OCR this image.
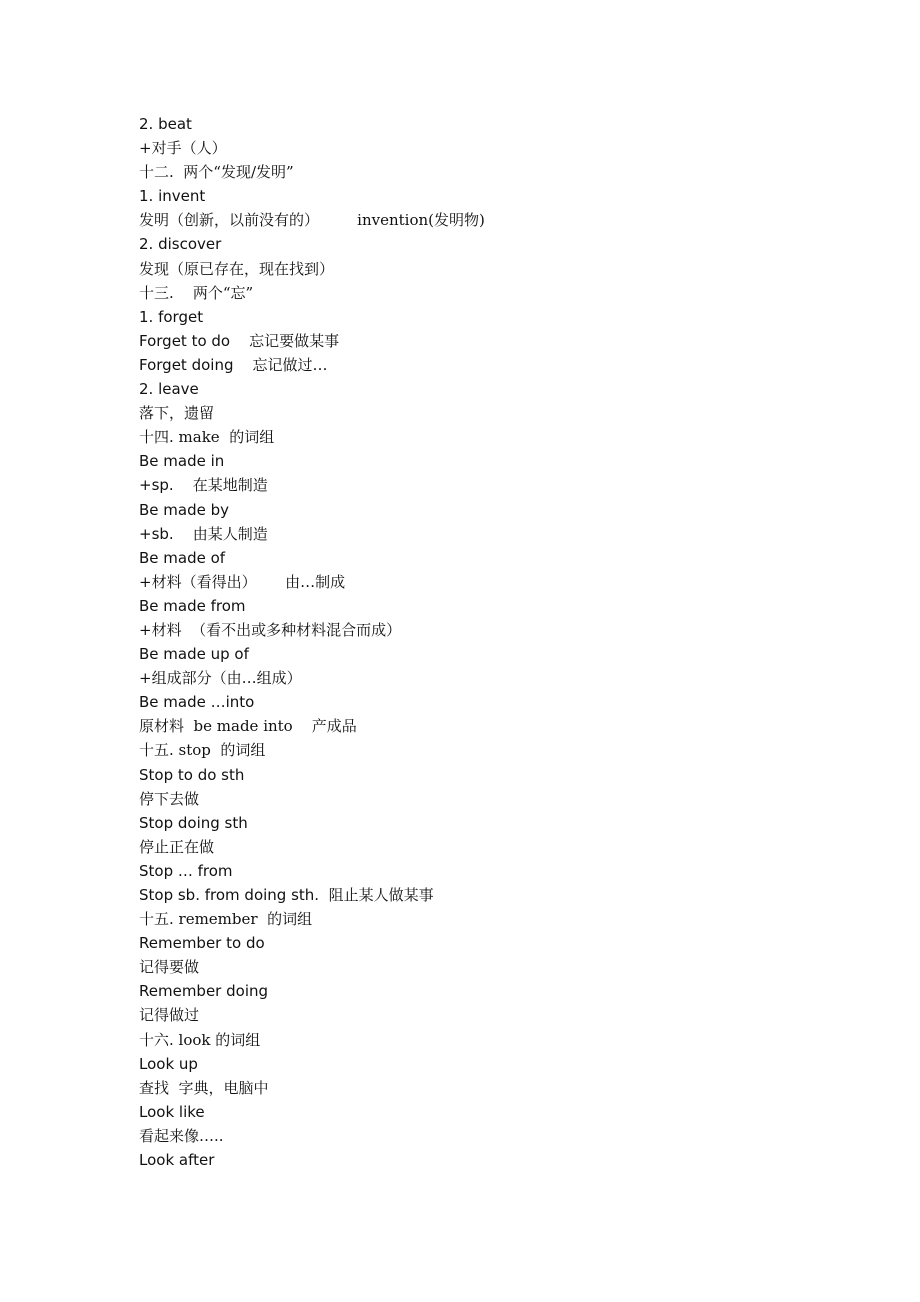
2. beat
+对手（人）
十二.  两个“发现/发明”
1. invent
发明（创新，以前没有的）        invention(发明物)
2. discover
发现（原已存在，现在找到）
十三.    两个“忘”
1. forget
Forget to do    忘记要做某事
Forget doing    忘记做过…
2. leave
落下，遗留
十四. make  的词组
Be made in
+sp.    在某地制造
Be made by
+sb.    由某人制造
Be made of
+材料（看得出）      由…制成
Be made from
+材料  （看不出或多种材料混合而成）
Be made up of
+组成部分（由…组成）
Be made …into
原材料  be made into    产成品
十五. stop  的词组
Stop to do sth
停下去做
Stop doing sth
停止正在做
Stop … from
Stop sb. from doing sth.  阻止某人做某事
十五. remember  的词组
Remember to do
记得要做
Remember doing
记得做过
十六. look 的词组
Look up
查找  字典，电脑中
Look like
看起来像…..
Look after
